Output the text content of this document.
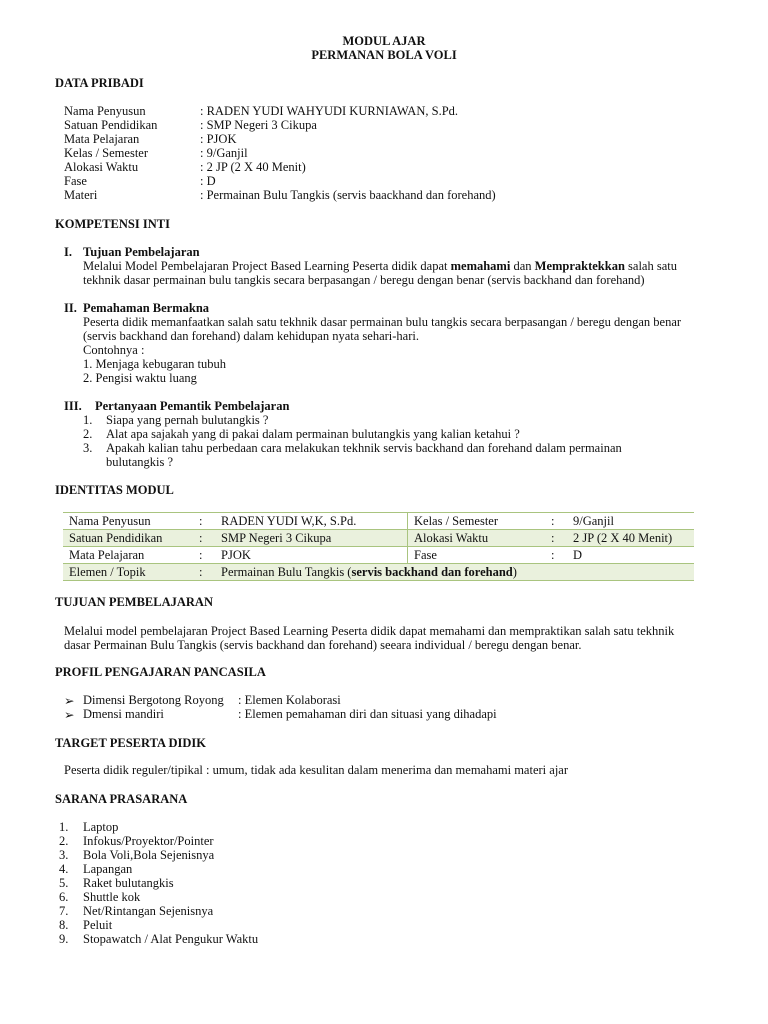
MODUL AJAR
PERMANAN BOLA VOLI
DATA PRIBADI
Nama Penyusun	: RADEN YUDI WAHYUDI KURNIAWAN, S.Pd.
Satuan Pendidikan	: SMP Negeri 3 Cikupa
Mata Pelajaran	: PJOK
Kelas / Semester	: 9/Ganjil
Alokasi Waktu	: 2 JP (2 X 40 Menit)
Fase	: D
Materi	: Permainan Bulu Tangkis (servis baackhand dan forehand)
KOMPETENSI INTI
I. Tujuan Pembelajaran
Melalui Model Pembelajaran Project Based Learning Peserta didik dapat memahami dan Mempraktekkan salah satu
tekhnik dasar permainan bulu tangkis secara berpasangan / beregu dengan benar (servis backhand dan forehand)
II. Pemahaman Bermakna
Peserta didik memanfaatkan salah satu tekhnik dasar permainan bulu tangkis secara berpasangan / beregu dengan benar
(servis backhand dan forehand) dalam kehidupan nyata sehari-hari.
Contohnya :
1. Menjaga kebugaran tubuh
2. Pengisi waktu luang
III. Pertanyaan Pemantik Pembelajaran
1. Siapa yang pernah bulutangkis ?
2. Alat apa sajakah yang di pakai dalam permainan bulutangkis yang kalian ketahui ?
3. Apakah kalian tahu perbedaan cara melakukan tekhnik servis backhand dan forehand dalam permainan
bulutangkis ?
IDENTITAS MODUL
Nama Penyusun	:	RADEN YUDI W,K, S.Pd.	Kelas / Semester	:	9/Ganjil
Satuan Pendidikan	:	SMP Negeri 3 Cikupa	Alokasi Waktu	:	2 JP (2 X 40 Menit)
Mata Pelajaran	:	PJOK	Fase	:	D
Elemen / Topik	:	Permainan Bulu Tangkis (servis backhand dan forehand)			
TUJUAN PEMBELAJARAN
Melalui model pembelajaran Project Based Learning Peserta didik dapat memahami dan mempraktikan salah satu tekhnik
dasar Permainan Bulu Tangkis (servis backhand dan forehand) seeara individual / beregu dengan benar.
PROFIL PENGAJARAN PANCASILA
➢ Dimensi Bergotong Royong : Elemen Kolaborasi
➢ Dmensi mandiri	: Elemen pemahaman diri dan situasi yang dihadapi
TARGET PESERTA DIDIK
Peserta didik reguler/tipikal : umum, tidak ada kesulitan dalam menerima dan memahami materi ajar
SARANA PRASARANA
1. Laptop
2. Infokus/Proyektor/Pointer
3. Bola Voli,Bola Sejenisnya
4. Lapangan
5. Raket bulutangkis
6. Shuttle kok
7. Net/Rintangan Sejenisnya
8. Peluit
9. Stopawatch / Alat Pengukur Waktu
